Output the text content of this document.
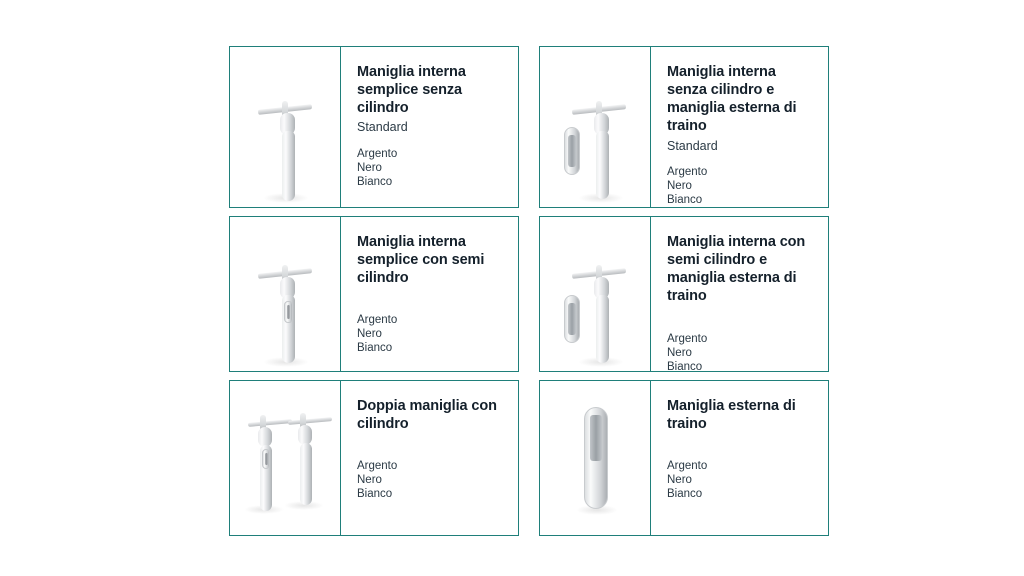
Maniglia interna semplice senza cilindro
Standard
Argento
Nero
Bianco
Maniglia interna senza cilindro e maniglia esterna di traino
Standard
Argento
Nero
Bianco
Maniglia interna semplice con semi cilindro
Argento
Nero
Bianco
Maniglia interna con semi cilindro e maniglia esterna di traino
Argento
Nero
Bianco
Doppia maniglia con cilindro
Argento
Nero
Bianco
Maniglia esterna di traino
Argento
Nero
Bianco
